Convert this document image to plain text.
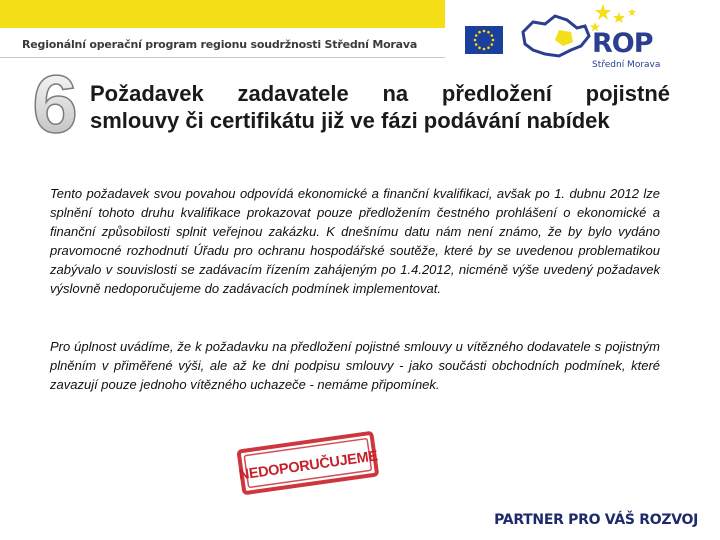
Regionální operační program regionu soudržnosti Střední Morava	ROP
Střední Morava
6 Požadavek zadavatele na předložení pojistné
smlouvy či certifikátu již ve fázi podávání nabídek
Tento požadavek svou povahou odpovídá ekonomické a finanční kvalifikaci, avšak po 1. dubnu 2012 lze splnění tohoto druhu kvalifikace prokazovat pouze předložením čestného prohlášení o ekonomické a finanční způsobilosti splnit veřejnou zakázku. K dnešnímu datu nám není známo, že by bylo vydáno pravomocné rozhodnutí Úřadu pro ochranu hospodářské soutěže, které by se uvedenou problematikou zabývalo v souvislosti se zadávacím řízením zahájeným po 1.4.2012, nicméně výše uvedený požadavek výslovně nedoporučujeme do zadávacích podmínek implementovat.
Pro úplnost uvádíme, že k požadavku na předložení pojistné smlouvy u vítězného dodavatele s pojistným plněním v přiměřené výši, ale až ke dni podpisu smlouvy - jako součásti obchodních podmínek, které zavazují pouze jednoho vítězného uchazeče - nemáme připomínek.
NEDOPORUČUJEME
PARTNER PRO VÁŠ ROZVOJ
